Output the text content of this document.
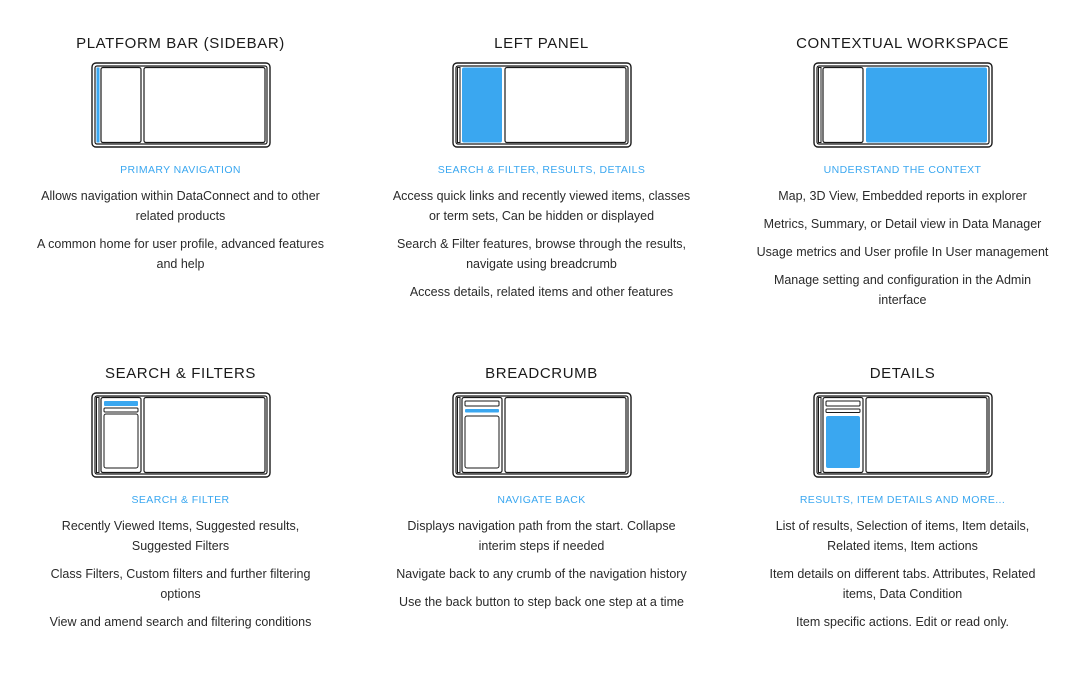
PLATFORM BAR (SIDEBAR)
PRIMARY NAVIGATION
Allows navigation within DataConnect and to other related products
A common home for user profile, advanced features and help
LEFT PANEL
SEARCH & FILTER, RESULTS, DETAILS
Access quick links and recently viewed items, classes or term sets, Can be hidden or displayed
Search & Filter features, browse through the results, navigate using breadcrumb
Access details, related items and other features
CONTEXTUAL WORKSPACE
UNDERSTAND THE CONTEXT
Map, 3D View, Embedded reports in explorer
Metrics, Summary, or Detail view in Data Manager
Usage metrics and User profile In User management
Manage setting and configuration in the Admin interface
SEARCH & FILTERS
SEARCH & FILTER
Recently Viewed Items, Suggested results, Suggested Filters
Class Filters, Custom filters and further filtering options
View and amend search and filtering conditions
BREADCRUMB
NAVIGATE BACK
Displays navigation path from the start. Collapse interim steps if needed
Navigate back to any crumb of the navigation history
Use the back button to step back one step at a time
DETAILS
RESULTS, ITEM DETAILS AND MORE...
List of results, Selection of items, Item details, Related items, Item actions
Item details on different tabs. Attributes, Related items, Data Condition
Item specific actions. Edit or read only.
